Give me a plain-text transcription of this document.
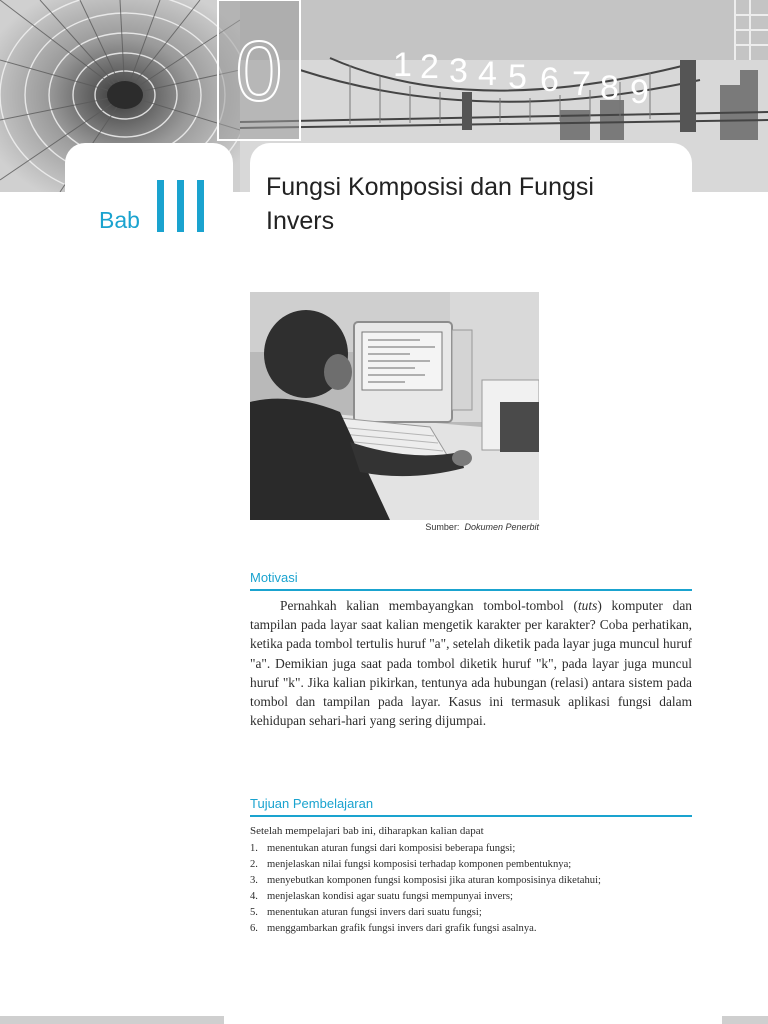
0	1 2 3 4 5 6 7 8 9
Bab
Fungsi Komposisi dan Fungsi
Invers
Sumber: Dokumen Penerbit
Motivasi
Pernahkah kalian membayangkan tombol-tombol (tuts) komputer dan tampilan pada layar saat kalian mengetik karakter per karakter? Coba perhatikan, ketika pada tombol tertulis huruf "a", setelah diketik pada layar juga muncul huruf "a". Demikian juga saat pada tombol diketik huruf "k", pada layar juga muncul huruf "k". Jika kalian pikirkan, tentunya ada hubungan (relasi) antara sistem pada tombol dan tampilan pada layar. Kasus ini termasuk aplikasi fungsi dalam kehidupan sehari-hari yang sering dijumpai.
Tujuan Pembelajaran
Setelah mempelajari bab ini, diharapkan kalian dapat
1. menentukan aturan fungsi dari komposisi beberapa fungsi;
2. menjelaskan nilai fungsi komposisi terhadap komponen pembentuknya;
3. menyebutkan komponen fungsi komposisi jika aturan komposisinya diketahui;
4. menjelaskan kondisi agar suatu fungsi mempunyai invers;
5. menentukan aturan fungsi invers dari suatu fungsi;
6. menggambarkan grafik fungsi invers dari grafik fungsi asalnya.
